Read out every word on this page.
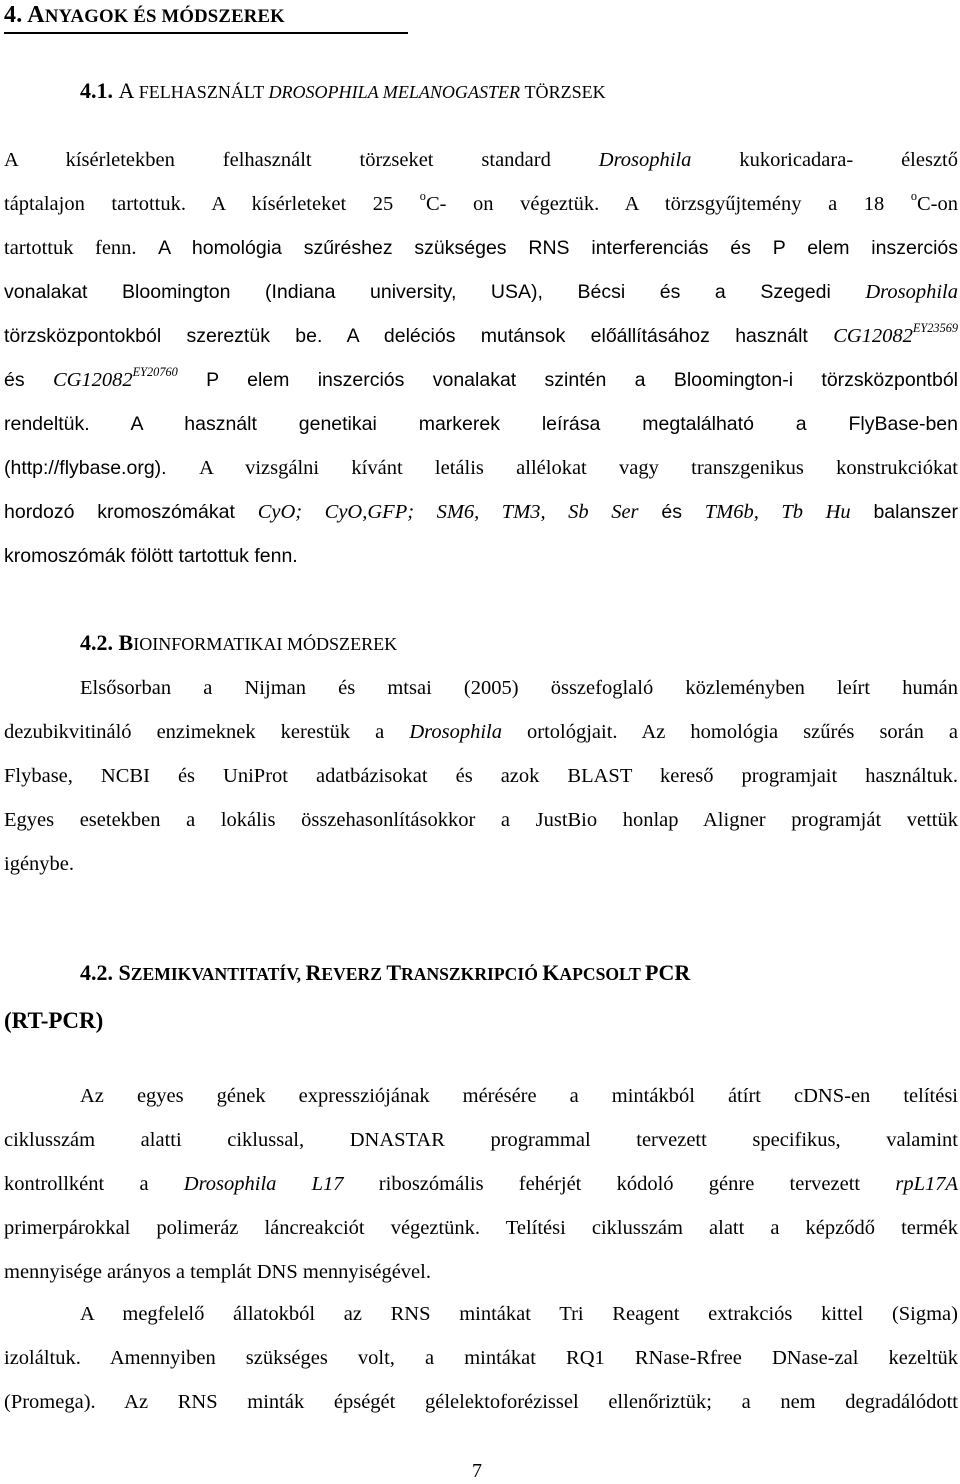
4. ANYAGOK ÉS MÓDSZEREK
4.1. A FELHASZNÁLT DROSOPHILA MELANOGASTER TÖRZSEK
A kísérletekben felhasznált törzseket standard Drosophila kukoricadara- élesztő
táptalajon tartottuk. A kísérleteket 25 $^o$C- on végeztük. A törzsgyűjtemény a 18 $^o$C-on
tartottuk fenn. A homológia szűréshez szükséges RNS interferenciás és P elem inszerciós
vonalakat Bloomington (Indiana university, USA), Bécsi és a Szegedi Drosophila
törzsközpontokból szereztük be. A deléciós mutánsok előállításához használt $CG12082^{EY23569}$
és $CG12082^{EY20760}$ P elem inszerciós vonalakat szintén a Bloomington-i törzsközpontból
rendeltük. A használt genetikai markerek leírása megtalálható a FlyBase-ben
(http://flybase.org). A vizsgálni kívánt letális allélokat vagy transzgenikus konstrukciókat
hordozó kromoszómákat CyO; CyO,GFP; SM6, TM3, Sb Ser és TM6b, Tb Hu balanszer
kromoszómák fölött tartottuk fenn.
4.2. BIOINFORMATIKAI MÓDSZEREK
Elsősorban a Nijman és mtsai (2005) összefoglaló közleményben leírt humán
dezubikvitináló enzimeknek kerestük a Drosophila ortológjait. Az homológia szűrés során a
Flybase, NCBI és UniProt adatbázisokat és azok BLAST kereső programjait használtuk.
Egyes esetekben a lokális összehasonlításokkor a JustBio honlap Aligner programját vettük
igénybe.
4.2. SZEMIKVANTITATÍV, REVERZ TRANSZKRIPCIÓ KAPCSOLT PCR
(RT-PCR)
Az egyes gének expressziójának mérésére a mintákból átírt cDNS-en telítési
ciklusszám alatti ciklussal, DNASTAR programmal tervezett specifikus, valamint
kontrollként a Drosophila L17 riboszómális fehérjét kódoló génre tervezett rpL17A
primerpárokkal polimeráz láncreakciót végeztünk. Telítési ciklusszám alatt a képződő termék
mennyisége arányos a templát DNS mennyiségével.
A megfelelő állatokból az RNS mintákat Tri Reagent extrakciós kittel (Sigma)
izoláltuk. Amennyiben szükséges volt, a mintákat RQ1 RNase-Rfree DNase-zal kezeltük
(Promega). Az RNS minták épségét gélelektoforézissel ellenőriztük; a nem degradálódott
7
